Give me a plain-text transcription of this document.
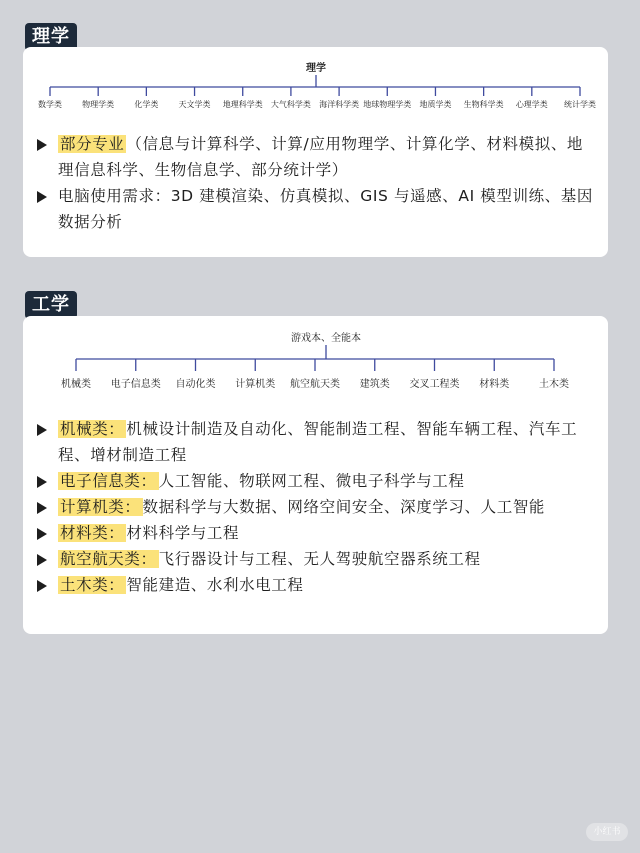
理学
理学
数学类	物理学类	化学类	天文学类 地理科学类 大气科学类 海洋科学类 地球物理学类 地质学类 生物科学类 心理学类 统计学类
部分专业 （信息与计算科学、计算/应用物理学、计算化学、材料模拟、地理信息科学、生物信息学、部分统计学）
电脑使用需求：3D 建模渲染、仿真模拟、GIS 与遥感、AI 模型训练、基因数据分析
工学
游戏本、全能本
机械类 电子信息类 自动化类 计算机类 航空航天类 建筑类 交叉工程类 材料类	土木类
机械类： 机械设计制造及自动化、智能制造工程、智能车辆工程、汽车工程、增材制造工程
电子信息类： 人工智能、物联网工程、微电子科学与工程
计算机类： 数据科学与大数据、网络空间安全、深度学习、人工智能
材料类： 材料科学与工程
航空航天类： 飞行器设计与工程、无人驾驶航空器系统工程
土木类： 智能建造、水利水电工程
小红书
